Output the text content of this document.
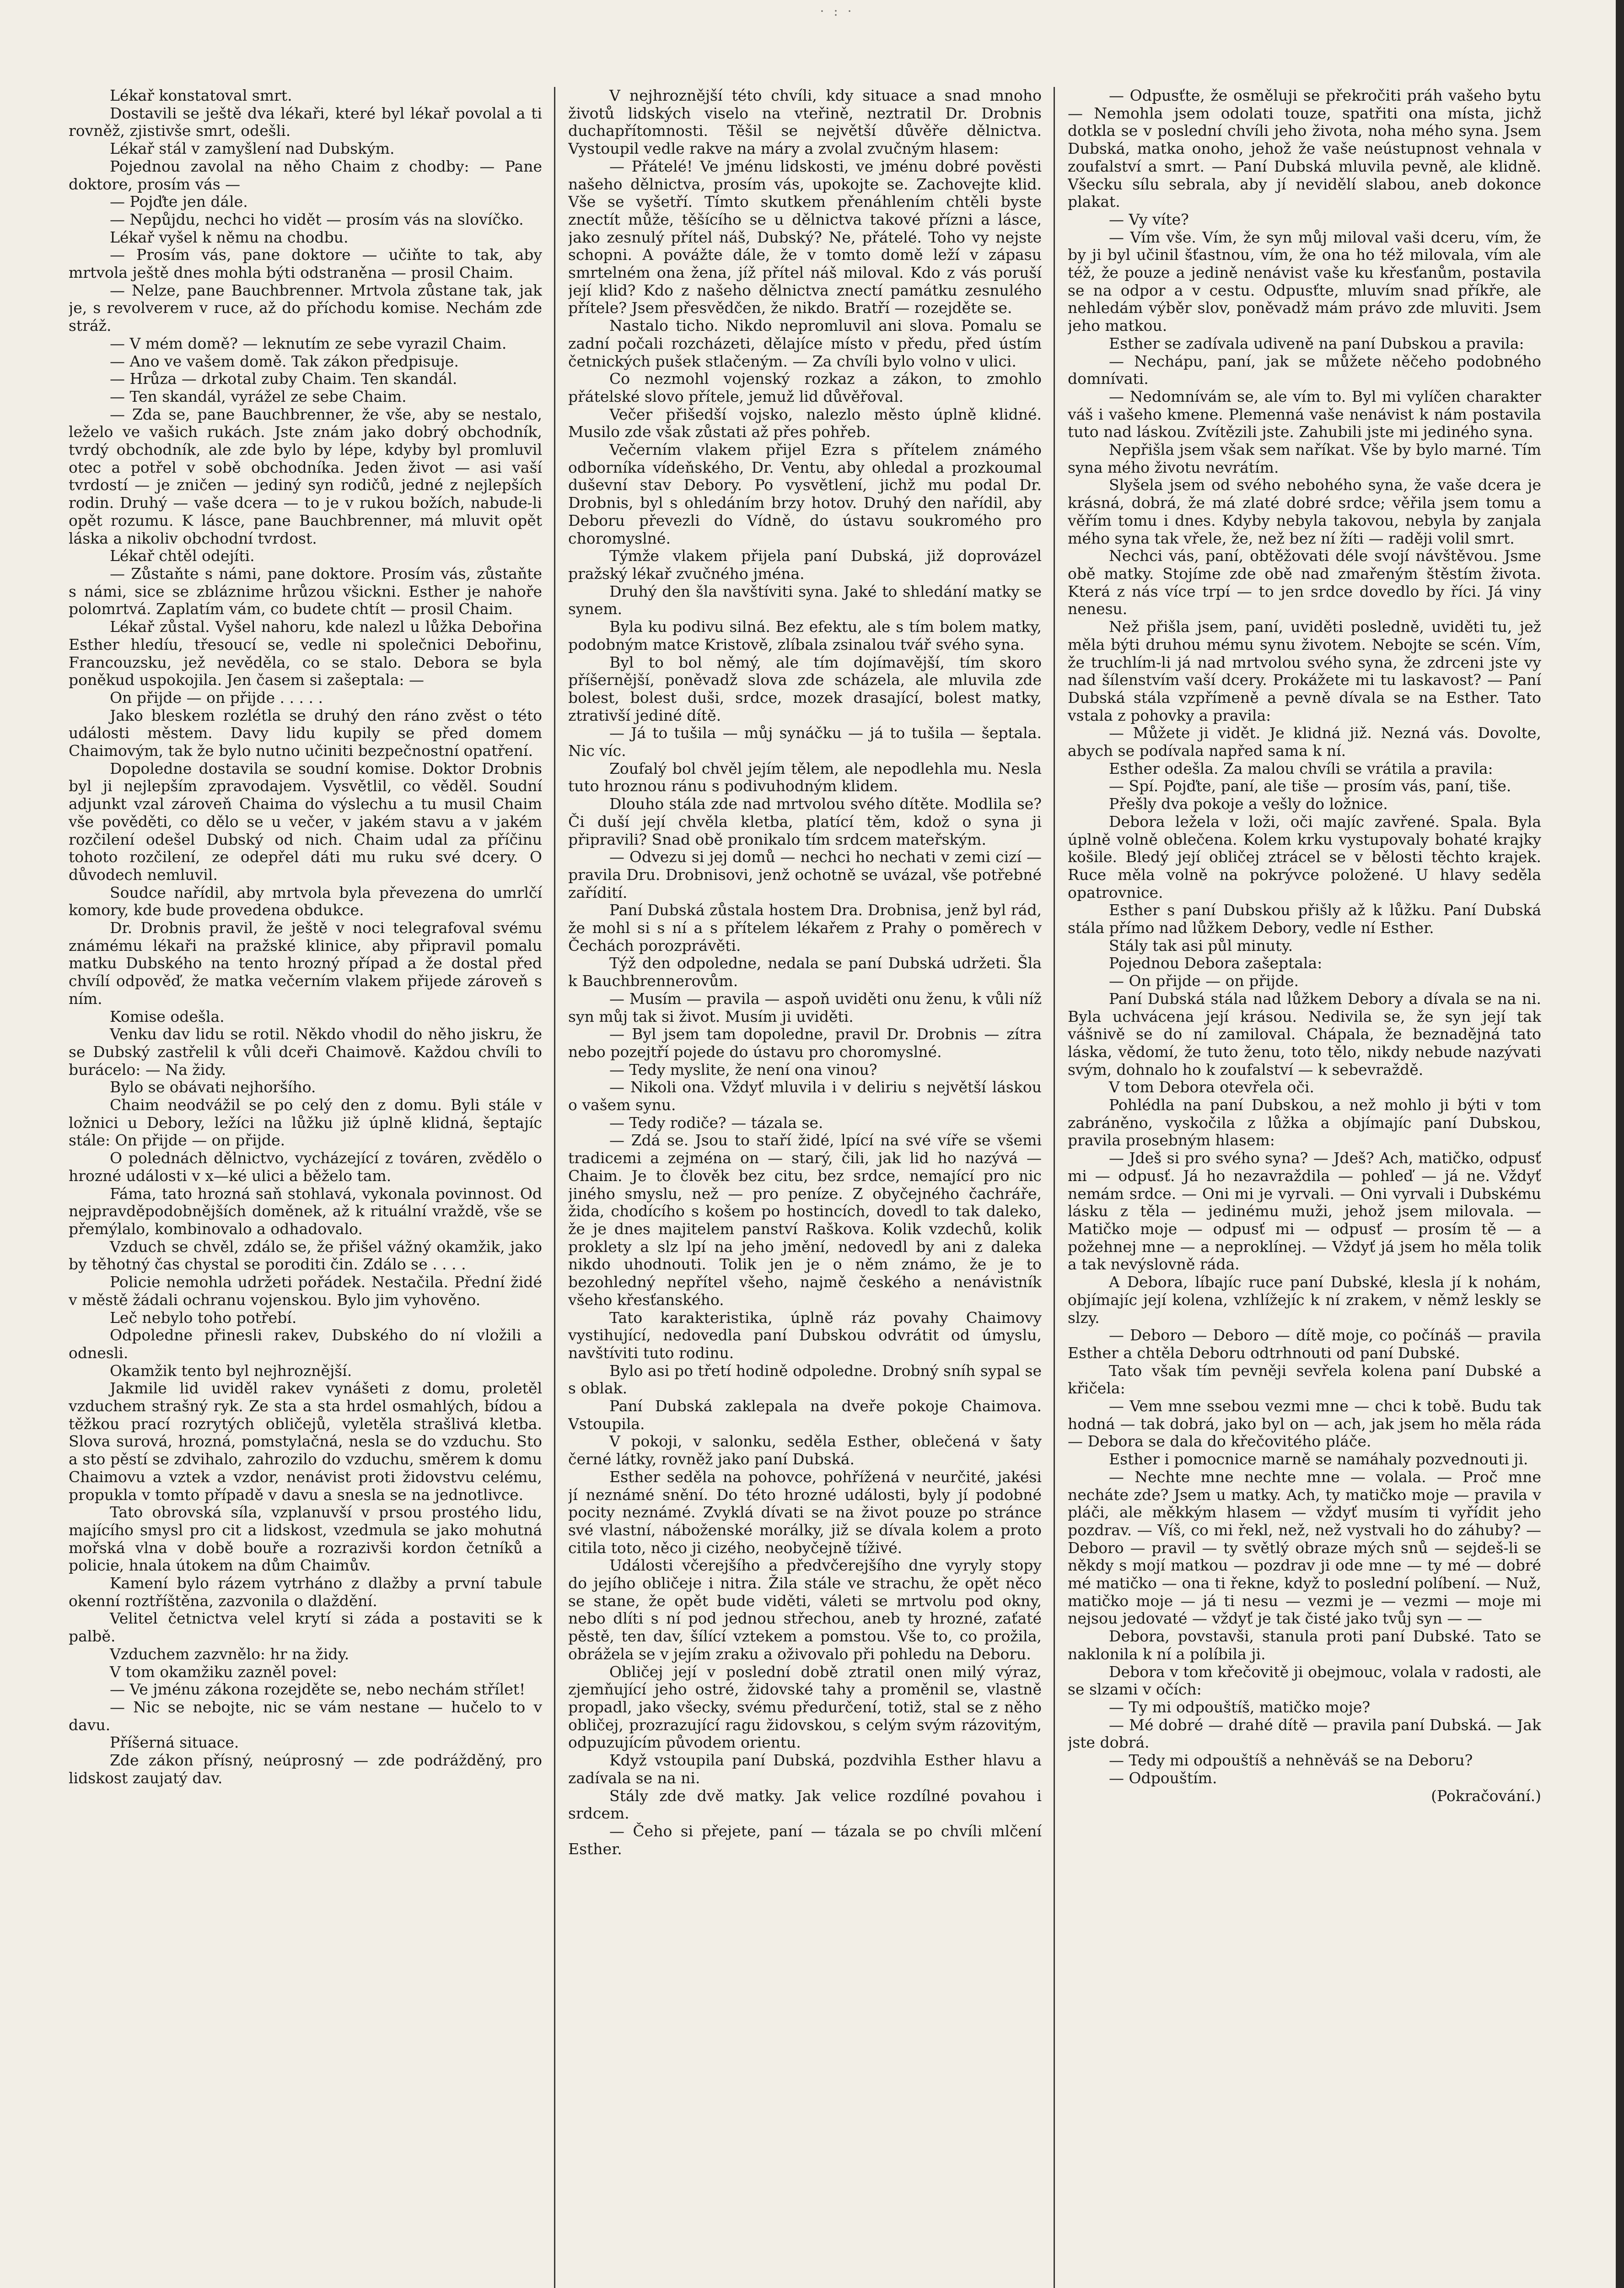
· : ·

Lékař konstatoval smrt.

Dostavili se ještě dva lékaři, které byl lékař povolal a ti rovněž, zjistivše smrt, odešli.

Lékař stál v zamyšlení nad Dubským.

Pojednou zavolal na něho Chaim z chodby: — Pane doktore, prosím vás —

— Pojďte jen dále.

— Nepůjdu, nechci ho vidět — prosím vás na slovíčko.

Lékař vyšel k němu na chodbu.

— Prosím vás, pane doktore — učiňte to tak, aby mrtvola ještě dnes mohla býti odstraněna — prosil Chaim.

— Nelze, pane Bauchbrenner. Mrtvola zůstane tak, jak je, s revolverem v ruce, až do příchodu komise. Nechám zde stráž.

— V mém domě? — leknutím ze sebe vyrazil Chaim.

— Ano ve vašem domě. Tak zákon předpisuje.

— Hrůza — drkotal zuby Chaim. Ten skandál.

— Ten skandál, vyrážel ze sebe Chaim.

— Zda se, pane Bauchbrenner, že vše, aby se nestalo, leželo ve vašich rukách. Jste znám jako dobrý obchodník, tvrdý obchodník, ale zde bylo by lépe, kdyby byl promluvil otec a potřel v sobě obchodníka. Jeden život — asi vaší tvrdostí — je zničen — jediný syn rodičů, jedné z nejlepších rodin. Druhý — vaše dcera — to je v rukou božích, nabude-li opět rozumu. K lásce, pane Bauchbrenner, má mluvit opět láska a nikoliv obchodní tvrdost.

Lékař chtěl odejíti.

— Zůstaňte s námi, pane doktore. Prosím vás, zůstaňte s námi, sice se zbláznime hrůzou všickni. Esther je nahoře polomrtvá. Zaplatím vám, co budete chtít — prosil Chaim.

Lékař zůstal. Vyšel nahoru, kde nalezl u lůžka Debořina Esther hledíu, třesoucí se, vedle ni společnici Debořinu, Francouzsku, jež nevěděla, co se stalo. Debora se byla poněkud uspokojila. Jen časem si zašeptala: —

On přijde — on přijde . . . . .

Jako bleskem rozlétla se druhý den ráno zvěst o této události městem. Davy lidu kupily se před domem Chaimovým, tak že bylo nutno učiniti bezpečnostní opatření.

Dopoledne dostavila se soudní komise. Doktor Drobnis byl ji nejlepším zpravodajem. Vysvětlil, co věděl. Soudní adjunkt vzal zároveň Chaima do výslechu a tu musil Chaim vše pověděti, co dělo se u večer, v jakém stavu a v jakém rozčilení odešel Dubský od nich. Chaim udal za příčinu tohoto rozčilení, ze odepřel dáti mu ruku své dcery. O důvodech nemluvil.

Soudce nařídil, aby mrtvola byla převezena do umrlčí komory, kde bude provedena obdukce.

Dr. Drobnis pravil, že ještě v noci telegrafoval svému známému lékaři na pražské klinice, aby připravil pomalu matku Dubského na tento hrozný případ a že dostal před chvílí odpověď, že matka večerním vlakem přijede zároveň s ním.

Komise odešla.

Venku dav lidu se rotil. Někdo vhodil do něho jiskru, že se Dubský zastřelil k vůli dceři Chaimově. Každou chvíli to burácelo: — Na židy.

Bylo se obávati nejhoršího.

Chaim neodvážil se po celý den z domu. Byli stále v ložnici u Debory, ležíci na lůžku již úplně klidná, šeptajíc stále: On přijde — on přijde.

O polednách dělnictvo, vycházející z továren, zvědělo o hrozné události v x—ké ulici a běželo tam.

Fáma, tato hrozná saň stohlavá, vykonala povinnost. Od nejpravděpodobnějších doměnek, až k rituální vraždě, vše se přemýlalo, kombinovalo a odhadovalo.

Vzduch se chvěl, zdálo se, že přišel vážný okamžik, jako by těhotný čas chystal se poroditi čin. Zdálo se . . . .

Policie nemohla udržeti pořádek. Nestačila. Přední židé v městě žádali ochranu vojenskou. Bylo jim vyhověno.

Leč nebylo toho potřebí.

Odpoledne přinesli rakev, Dubského do ní vložili a odnesli.

Okamžik tento byl nejhroznější.

Jakmile lid uviděl rakev vynášeti z domu, proletěl vzduchem strašný ryk. Ze sta a sta hrdel osmahlých, bídou a těžkou prací rozrytých obličejů, vyletěla strašlivá kletba. Slova surová, hrozná, pomstylačná, nesla se do vzduchu. Sto a sto pěstí se zdvihalo, zahrozilo do vzduchu, směrem k domu Chaimovu a vztek a vzdor, nenávist proti židovstvu celému, propukla v tomto případě v davu a snesla se na jednotlivce.

Tato obrovská síla, vzplanuvší v prsou prostého lidu, majícího smysl pro cit a lidskost, vzedmula se jako mohutná mořská vlna v době bouře a rozrazivši kordon četníků a policie, hnala útokem na dům Chaimův.

Kamení bylo rázem vytrháno z dlažby a první tabule okenní roztříštěna, zazvonila o dlaždění.

Velitel četnictva velel krytí si záda a postaviti se k palbě.

Vzduchem zazvnělo: hr na židy.

V tom okamžiku zazněl povel:

— Ve jménu zákona rozejděte se, nebo nechám střílet!

— Nic se nebojte, nic se vám nestane — hučelo to v davu.

Příšerná situace.

Zde zákon přísný, neúprosný — zde podrážděný, pro lidskost zaujatý dav.

V nejhroznější této chvíli, kdy situace a snad mnoho životů lidských viselo na vteřině, neztratil Dr. Drobnis duchapřítomnosti. Těšil se největší důvěře dělnictva. Vystoupil vedle rakve na máry a zvolal zvučným hlasem:

— Přátelé! Ve jménu lidskosti, ve jménu dobré pověsti našeho dělnictva, prosím vás, upokojte se. Zachovejte klid. Vše se vyšetří. Tímto skutkem přenáhlením chtěli byste znectít může, těšícího se u dělnictva takové přízni a lásce, jako zesnulý přítel náš, Dubský? Ne, přátelé. Toho vy nejste schopni. A povážte dále, že v tomto domě leží v zápasu smrtelném ona žena, jíž přítel náš miloval. Kdo z vás poruší její klid? Kdo z našeho dělnictva znectí památku zesnulého přítele? Jsem přesvědčen, že nikdo. Bratří — rozejděte se.

Nastalo ticho. Nikdo nepromluvil ani slova. Pomalu se zadní počali rozcházeti, dělajíce místo v předu, před ústím četnických pušek stlačeným. — Za chvíli bylo volno v ulici.

Co nezmohl vojenský rozkaz a zákon, to zmohlo přátelské slovo přítele, jemuž lid důvěřoval.

Večer přišedší vojsko, nalezlo město úplně klidné. Musilo zde však zůstati až přes pohřeb.

Večerním vlakem přijel Ezra s přítelem známého odborníka vídeňského, Dr. Ventu, aby ohledal a prozkoumal duševní stav Debory. Po vysvětlení, jichž mu podal Dr. Drobnis, byl s ohledáním brzy hotov. Druhý den nařídil, aby Deboru převezli do Vídně, do ústavu soukromého pro choromyslné.

Týmže vlakem přijela paní Dubská, již doprovázel pražský lékař zvučného jména.

Druhý den šla navštíviti syna. Jaké to shledání matky se synem.

Byla ku podivu silná. Bez efektu, ale s tím bolem matky, podobným matce Kristově, zlíbala zsinalou tvář svého syna.

Byl to bol němý, ale tím dojímavější, tím skoro příšernější, poněvadž slova zde scházela, ale mluvila zde bolest, bolest duši, srdce, mozek drasající, bolest matky, ztrativší jediné dítě.

— Já to tušila — můj synáčku — já to tušila — šeptala. Nic víc.

Zoufalý bol chvěl jejím tělem, ale nepodlehla mu. Nesla tuto hroznou ránu s podivuhodným klidem.

Dlouho stála zde nad mrtvolou svého dítěte. Modlila se? Či duší její chvěla kletba, platící těm, kdož o syna ji připravili? Snad obě pronikalo tím srdcem mateřským.

— Odvezu si jej domů — nechci ho nechati v zemi cizí — pravila Dru. Drobnisovi, jenž ochotně se uvázal, vše potřebné zařídití.

Paní Dubská zůstala hostem Dra. Drobnisa, jenž byl rád, že mohl si s ní a s přítelem lékařem z Prahy o poměrech v Čechách porozprávěti.

Týž den odpoledne, nedala se paní Dubská udržeti. Šla k Bauchbrennerovům.

— Musím — pravila — aspoň uviděti onu ženu, k vůli níž syn můj tak si život. Musím ji uviděti.

— Byl jsem tam dopoledne, pravil Dr. Drobnis — zítra nebo pozejtří pojede do ústavu pro choromyslné.

— Tedy myslite, že není ona vinou?

— Nikoli ona. Vždyť mluvila i v deliriu s největší láskou o vašem synu.

— Tedy rodiče? — tázala se.

— Zdá se. Jsou to staří židé, lpící na své víře se všemi tradicemi a zejména on — starý, čili, jak lid ho nazývá — Chaim. Je to člověk bez citu, bez srdce, nemající pro nic jiného smyslu, než — pro peníze. Z obyčejného čachráře, žida, chodícího s košem po hostincích, dovedl to tak daleko, že je dnes majitelem panství Raškova. Kolik vzdechů, kolik proklety a slz lpí na jeho jmění, nedovedl by ani z daleka nikdo uhodnouti. Tolik jen je o něm známo, že je to bezohledný nepřítel všeho, najmě českého a nenávistník všeho křesťanského.

Tato karakteristika, úplně ráz povahy Chaimovy vystihující, nedovedla paní Dubskou odvrátit od úmyslu, navštíviti tuto rodinu.

Bylo asi po třetí hodině odpoledne. Drobný sníh sypal se s oblak.

Paní Dubská zaklepala na dveře pokoje Chaimova. Vstoupila.

V pokoji, v salonku, seděla Esther, oblečená v šaty černé látky, rovněž jako paní Dubská.

Esther seděla na pohovce, pohřížená v neurčité, jakési jí neznámé snění. Do této hrozné události, byly jí podobné pocity neznámé. Zvyklá dívati se na život pouze po stránce své vlastní, náboženské morálky, již se dívala kolem a proto citila toto, něco ji cizého, neobyčejně tíživé.

Události včerejšího a předvčerejšího dne vyryly stopy do jejího obličeje i nitra. Žila stále ve strachu, že opět něco se stane, že opět bude viděti, váleti se mrtvolu pod okny, nebo dlíti s ní pod jednou střechou, aneb ty hrozné, zaťaté pěstě, ten dav, šílící vztekem a pomstou. Vše to, co prožila, obrážela se v jejím zraku a oživovalo při pohledu na Deboru.

Obličej její v poslední době ztratil onen milý výraz, zjemňující jeho ostré, židovské tahy a proměnil se, vlastně propadl, jako všecky, svému předurčení, totiž, stal se z něho obličej, prozrazující ragu židovskou, s celým svým rázovitým, odpuzujícím původem orientu.

Když vstoupila paní Dubská, pozdvihla Esther hlavu a zadívala se na ni.

Stály zde dvě matky. Jak velice rozdílné povahou i srdcem.

— Čeho si přejete, paní — tázala se po chvíli mlčení Esther.

— Odpusťte, že osměluji se překročiti práh vašeho bytu — Nemohla jsem odolati touze, spatřiti ona místa, jichž dotkla se v poslední chvíli jeho života, noha mého syna. Jsem Dubská, matka onoho, jehož že vaše neústupnost vehnala v zoufalství a smrt. — Paní Dubská mluvila pevně, ale klidně. Všecku sílu sebrala, aby jí nevidělí slabou, aneb dokonce plakat.

— Vy víte?

— Vím vše. Vím, že syn můj miloval vaši dceru, vím, že by ji byl učinil šťastnou, vím, že ona ho též milovala, vím ale též, že pouze a jedině nenávist vaše ku křesťanům, postavila se na odpor a v cestu. Odpusťte, mluvím snad příkře, ale nehledám výběr slov, poněvadž mám právo zde mluviti. Jsem jeho matkou.

Esther se zadívala udiveně na paní Dubskou a pravila:

— Nechápu, paní, jak se můžete něčeho podobného domnívati.

— Nedomnívám se, ale vím to. Byl mi vylíčen charakter váš i vašeho kmene. Plemenná vaše nenávist k nám postavila tuto nad láskou. Zvítězili jste. Zahubili jste mi jediného syna.

Nepřišla jsem však sem naříkat. Vše by bylo marné. Tím syna mého životu nevrátím.

Slyšela jsem od svého nebohého syna, že vaše dcera je krásná, dobrá, že má zlaté dobré srdce; věřila jsem tomu a věřím tomu i dnes. Kdyby nebyla takovou, nebyla by zanjala mého syna tak vřele, že, než bez ní žíti — raději volil smrt.

Nechci vás, paní, obtěžovati déle svojí návštěvou. Jsme obě matky. Stojíme zde obě nad zmařeným štěstím života. Která z nás více trpí — to jen srdce dovedlo by říci. Já viny nenesu.

Než přišla jsem, paní, uviděti posledně, uviděti tu, jež měla býti druhou mému synu životem. Nebojte se scén. Vím, že truchlím-li já nad mrtvolou svého syna, že zdrceni jste vy nad šílenstvím vaší dcery. Prokážete mi tu laskavost? — Paní Dubská stála vzpřímeně a pevně dívala se na Esther. Tato vstala z pohovky a pravila:

— Můžete ji vidět. Je klidná již. Nezná vás. Dovolte, abych se podívala napřed sama k ní.

Esther odešla. Za malou chvíli se vrátila a pravila:

— Spí. Pojďte, paní, ale tiše — prosím vás, paní, tiše.

Přešly dva pokoje a vešly do ložnice.

Debora ležela v loži, oči majíc zavřené. Spala. Byla úplně volně oblečena. Kolem krku vystupovaly bohaté krajky košile. Bledý její obličej ztrácel se v bělosti těchto krajek. Ruce měla volně na pokrývce položené. U hlavy seděla opatrovnice.

Esther s paní Dubskou přišly až k lůžku. Paní Dubská stála přímo nad lůžkem Debory, vedle ní Esther.

Stály tak asi půl minuty.

Pojednou Debora zašeptala:

— On přijde — on přijde.

Paní Dubská stála nad lůžkem Debory a dívala se na ni. Byla uchvácena její krásou. Nedivila se, že syn její tak vášnivě se do ní zamiloval. Chápala, že beznadějná tato láska, vědomí, že tuto ženu, toto tělo, nikdy nebude nazývati svým, dohnalo ho k zoufalství — k sebevraždě.

V tom Debora otevřela oči.

Pohlédla na paní Dubskou, a než mohlo ji býti v tom zabráněno, vyskočila z lůžka a objímajíc paní Dubskou, pravila prosebným hlasem:

— Jdeš si pro svého syna? — Jdeš? Ach, matičko, odpusť mi — odpusť. Já ho nezavraždila — pohleď — já ne. Vždyť nemám srdce. — Oni mi je vyrvali. — Oni vyrvali i Dubskému lásku z těla — jedinému muži, jehož jsem milovala. — Matičko moje — odpusť mi — odpusť — prosím tě — a požehnej mne — a neproklínej. — Vždyť já jsem ho měla tolik a tak nevýslovně ráda.

A Debora, líbajíc ruce paní Dubské, klesla jí k nohám, objímajíc její kolena, vzhlížejíc k ní zrakem, v němž leskly se slzy.

— Deboro — Deboro — dítě moje, co počínáš — pravila Esther a chtěla Deboru odtrhnouti od paní Dubské.

Tato však tím pevněji sevřela kolena paní Dubské a křičela:

— Vem mne ssebou vezmi mne — chci k tobě. Budu tak hodná — tak dobrá, jako byl on — ach, jak jsem ho měla ráda — Debora se dala do křečovitého pláče.

Esther i pomocnice marně se namáhaly pozvednouti ji.

— Nechte mne nechte mne — volala. — Proč mne necháte zde? Jsem u matky. Ach, ty matičko moje — pravila v pláči, ale měkkým hlasem — vždyť musím ti vyřídit jeho pozdrav. — Víš, co mi řekl, než, než vystvali ho do záhuby? — Deboro — pravil — ty světlý obraze mých snů — sejdeš-li se někdy s mojí matkou — pozdrav ji ode mne — ty mé — dobré mé matičko — ona ti řekne, když to poslední políbení. — Nuž, matičko moje — já ti nesu — vezmi je — vezmi — moje mi nejsou jedovaté — vždyť je tak čisté jako tvůj syn — —

Debora, povstavši, stanula proti paní Dubské. Tato se naklonila k ní a políbila ji.

Debora v tom křečovitě ji obejmouc, volala v radosti, ale se slzami v očích:

— Ty mi odpouštíš, matičko moje?

— Mé dobré — drahé dítě — pravila paní Dubská. — Jak jste dobrá.

— Tedy mi odpouštíš a nehněváš se na Deboru?

— Odpouštím.

(Pokračování.)
